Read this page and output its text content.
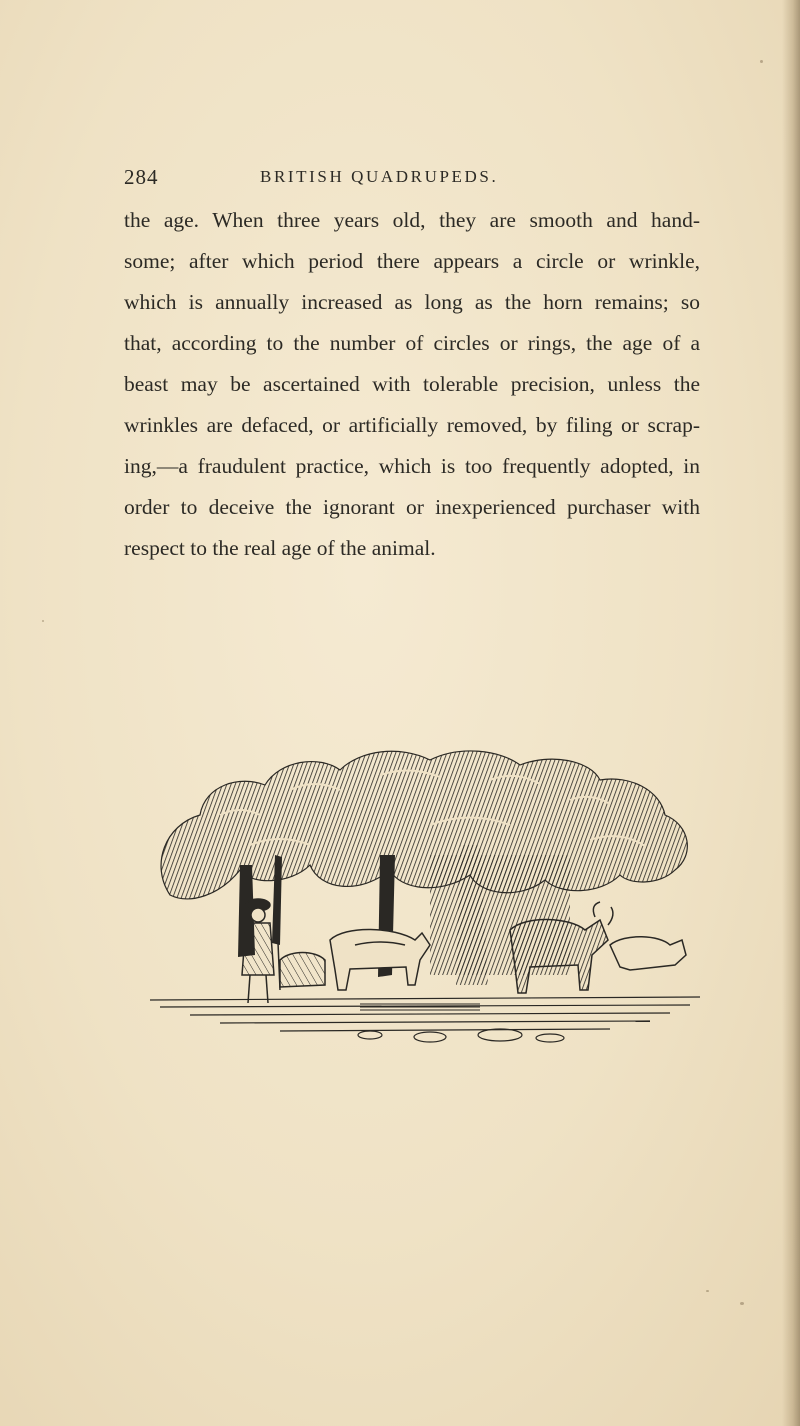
284	BRITISH QUADRUPEDS.
the age. When three years old, they are smooth and hand-
some; after which period there appears a circle or wrinkle,
which is annually increased as long as the horn remains; so
that, according to the number of circles or rings, the age of a
beast may be ascertained with tolerable precision, unless the
wrinkles are defaced, or artificially removed, by filing or scrap-
ing,—a fraudulent practice, which is too frequently adopted, in
order to deceive the ignorant or inexperienced purchaser with
respect to the real age of the animal.
